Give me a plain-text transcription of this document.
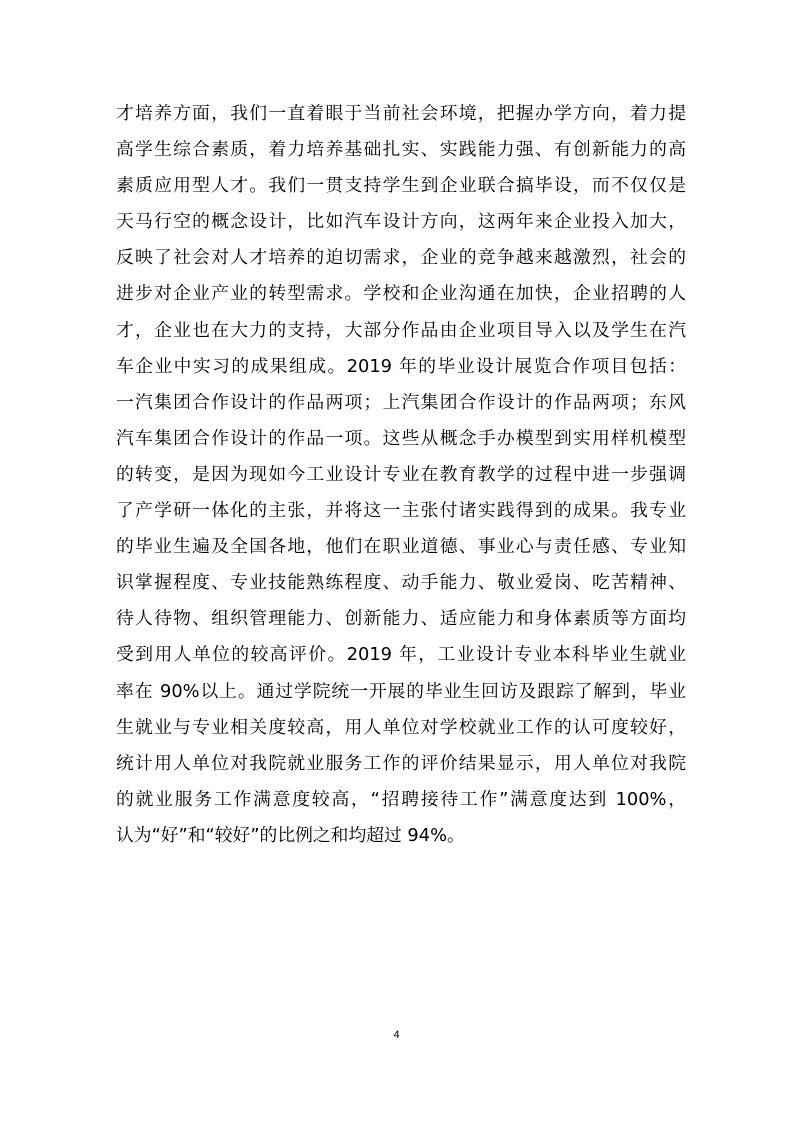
才培养方面，我们一直着眼于当前社会环境，把握办学方向，着力提
高学生综合素质，着力培养基础扎实、实践能力强、有创新能力的高
素质应用型人才。我们一贯支持学生到企业联合搞毕设，而不仅仅是
天马行空的概念设计，比如汽车设计方向，这两年来企业投入加大，
反映了社会对人才培养的迫切需求，企业的竞争越来越激烈，社会的
进步对企业产业的转型需求。学校和企业沟通在加快，企业招聘的人
才，企业也在大力的支持，大部分作品由企业项目导入以及学生在汽
车企业中实习的成果组成。2019 年的毕业设计展览合作项目包括：
一汽集团合作设计的作品两项；上汽集团合作设计的作品两项；东风
汽车集团合作设计的作品一项。这些从概念手办模型到实用样机模型
的转变，是因为现如今工业设计专业在教育教学的过程中进一步强调
了产学研一体化的主张，并将这一主张付诸实践得到的成果。我专业
的毕业生遍及全国各地，他们在职业道德、事业心与责任感、专业知
识掌握程度、专业技能熟练程度、动手能力、敬业爱岗、吃苦精神、
待人待物、组织管理能力、创新能力、适应能力和身体素质等方面均
受到用人单位的较高评价。2019 年，工业设计专业本科毕业生就业
率在 90%以上。通过学院统一开展的毕业生回访及跟踪了解到，毕业
生就业与专业相关度较高，用人单位对学校就业工作的认可度较好，
统计用人单位对我院就业服务工作的评价结果显示，用人单位对我院
的就业服务工作满意度较高，“招聘接待工作”满意度达到 100%，
认为“好”和“较好”的比例之和均超过 94%。
4
